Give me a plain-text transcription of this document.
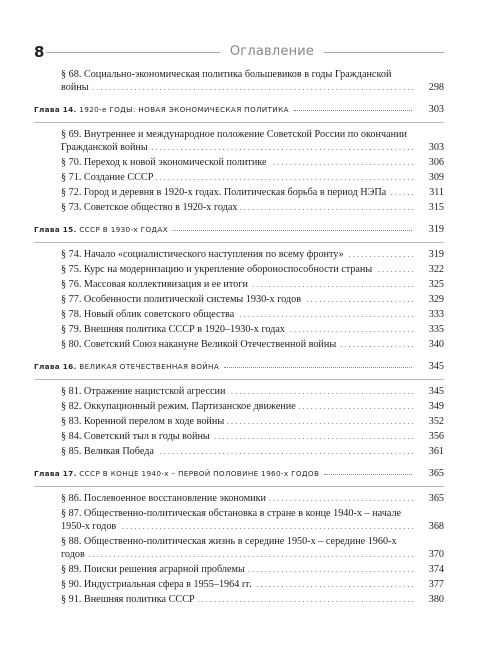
8	Оглавление
§ 68. Социально-экономическая политика большевиков в годы Гражданской войны . . .	298
Глава 14. 1920-е ГОДЫ: НОВАЯ ЭКОНОМИЧЕСКАЯ ПОЛИТИКА	303
§ 69. Внутреннее и международное положение Советской России по окончании Гражданской войны . . .	303
§ 70. Переход к новой экономической политике . . .	306
§ 71. Создание СССР . . .	309
§ 72. Город и деревня в 1920-х годах. Политическая борьба в период НЭПа . . .	311
§ 73. Советское общество в 1920-х годах . . .	315
Глава 15. СССР В 1930-х ГОДАХ	319
§ 74. Начало «социалистического наступления по всему фронту» . . .	319
§ 75. Курс на модернизацию и укрепление обороноспособности страны . . .	322
§ 76. Массовая коллективизация и ее итоги . . .	325
§ 77. Особенности политической системы 1930-х годов . . .	329
§ 78. Новый облик советского общества . . .	333
§ 79. Внешняя политика СССР в 1920–1930-х годах . . .	335
§ 80. Советский Союз накануне Великой Отечественной войны . . .	340
Глава 16. ВЕЛИКАЯ ОТЕЧЕСТВЕННАЯ ВОЙНА	345
§ 81. Отражение нацистской агрессии . . .	345
§ 82. Оккупационный режим. Партизанское движение . . .	349
§ 83. Коренной перелом в ходе войны . . .	352
§ 84. Советский тыл в годы войны . . .	356
§ 85. Великая Победа . . .	361
Глава 17. СССР В КОНЦЕ 1940-х – ПЕРВОЙ ПОЛОВИНЕ 1960-х ГОДОВ	365
§ 86. Послевоенное восстановление экономики . . .	365
§ 87. Общественно-политическая обстановка в стране в конце 1940-х – начале 1950-х годов . . .	368
§ 88. Общественно-политическая жизнь в середине 1950-х – середине 1960-х годов . . .	370
§ 89. Поиски решения аграрной проблемы . . .	374
§ 90. Индустриальная сфера в 1955–1964 гг. . . .	377
§ 91. Внешняя политика СССР . . .	380
